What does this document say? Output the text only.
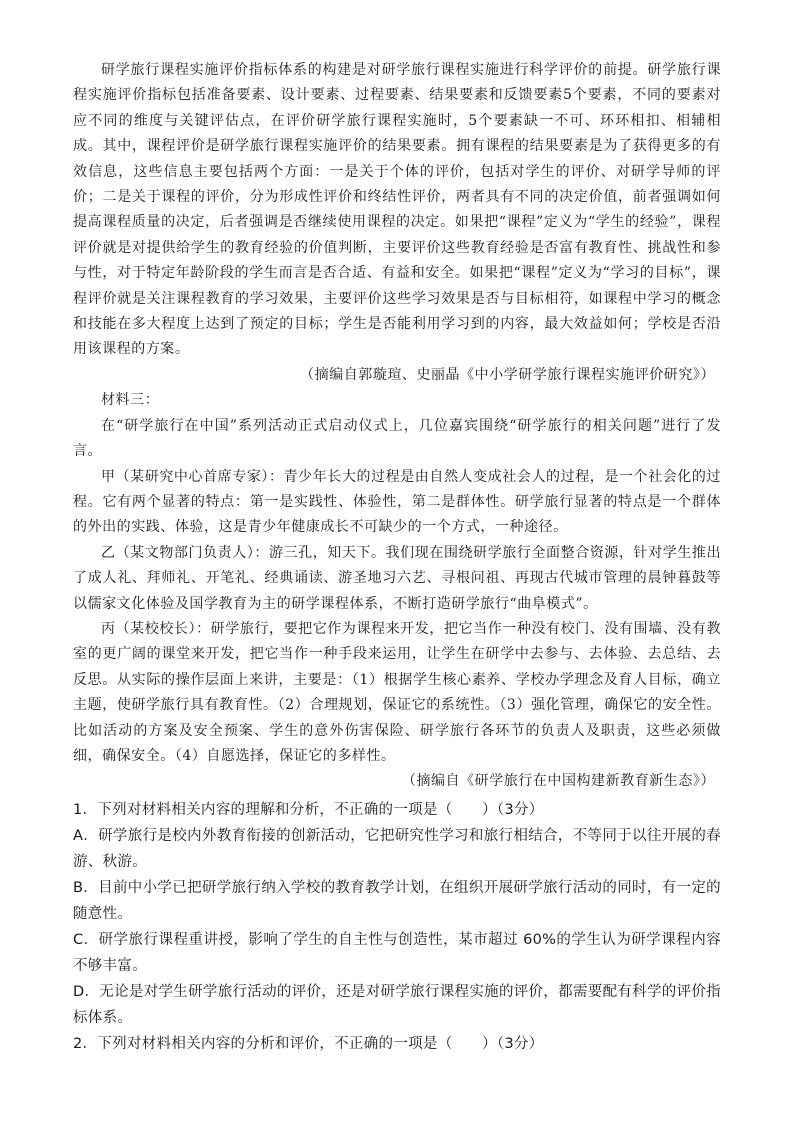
研学旅行课程实施评价指标体系的构建是对研学旅行课程实施进行科学评价的前提。研学旅行课程实施评价指标包括准备要素、设计要素、过程要素、结果要素和反馈要素5个要素，不同的要素对应不同的维度与关键评估点，在评价研学旅行课程实施时，5个要素缺一不可、环环相扣、相辅相成。其中，课程评价是研学旅行课程实施评价的结果要素。拥有课程的结果要素是为了获得更多的有效信息，这些信息主要包括两个方面：一是关于个体的评价，包括对学生的评价、对研学导师的评价；二是关于课程的评价，分为形成性评价和终结性评价，两者具有不同的决定价值，前者强调如何提高课程质量的决定，后者强调是否继续使用课程的决定。如果把“课程”定义为“学生的经验”，课程评价就是对提供给学生的教育经验的价值判断，主要评价这些教育经验是否富有教育性、挑战性和参与性，对于特定年龄阶段的学生而言是否合适、有益和安全。如果把“课程”定义为“学习的目标”，课程评价就是关注课程教育的学习效果，主要评价这些学习效果是否与目标相符，如课程中学习的概念和技能在多大程度上达到了预定的目标；学生是否能利用学习到的内容，最大效益如何；学校是否沿用该课程的方案。

（摘编自郭璇瑄、史丽晶《中小学研学旅行课程实施评价研究》）

材料三：

在“研学旅行在中国”系列活动正式启动仪式上，几位嘉宾围绕“研学旅行的相关问题”进行了发言。

甲（某研究中心首席专家）：青少年长大的过程是由自然人变成社会人的过程，是一个社会化的过程。它有两个显著的特点：第一是实践性、体验性，第二是群体性。研学旅行显著的特点是一个群体的外出的实践、体验，这是青少年健康成长不可缺少的一个方式，一种途径。

乙（某文物部门负责人）：游三孔，知天下。我们现在围绕研学旅行全面整合资源，针对学生推出了成人礼、拜师礼、开笔礼、经典诵读、游圣地习六艺、寻根问祖、再现古代城市管理的晨钟暮鼓等以儒家文化体验及国学教育为主的研学课程体系，不断打造研学旅行“曲阜模式”。

丙（某校校长）：研学旅行，要把它作为课程来开发，把它当作一种没有校门、没有围墙、没有教室的更广阔的课堂来开发，把它当作一种手段来运用，让学生在研学中去参与、去体验、去总结、去反思。从实际的操作层面上来讲，主要是：（1）根据学生核心素养、学校办学理念及育人目标，确立主题，使研学旅行具有教育性。（2）合理规划，保证它的系统性。（3）强化管理，确保它的安全性。比如活动的方案及安全预案、学生的意外伤害保险、研学旅行各环节的负责人及职责，这些必须做细，确保安全。（4）自愿选择，保证它的多样性。

（摘编自《研学旅行在中国构建新教育新生态》）

1．下列对材料相关内容的理解和分析，不正确的一项是（　　）（3分）

A．研学旅行是校内外教育衔接的创新活动，它把研究性学习和旅行相结合，不等同于以往开展的春游、秋游。

B．目前中小学已把研学旅行纳入学校的教育教学计划，在组织开展研学旅行活动的同时，有一定的随意性。

C．研学旅行课程重讲授，影响了学生的自主性与创造性，某市超过 60%的学生认为研学课程内容不够丰富。

D．无论是对学生研学旅行活动的评价，还是对研学旅行课程实施的评价，都需要配有科学的评价指标体系。

2．下列对材料相关内容的分析和评价，不正确的一项是（　　）（3分）
